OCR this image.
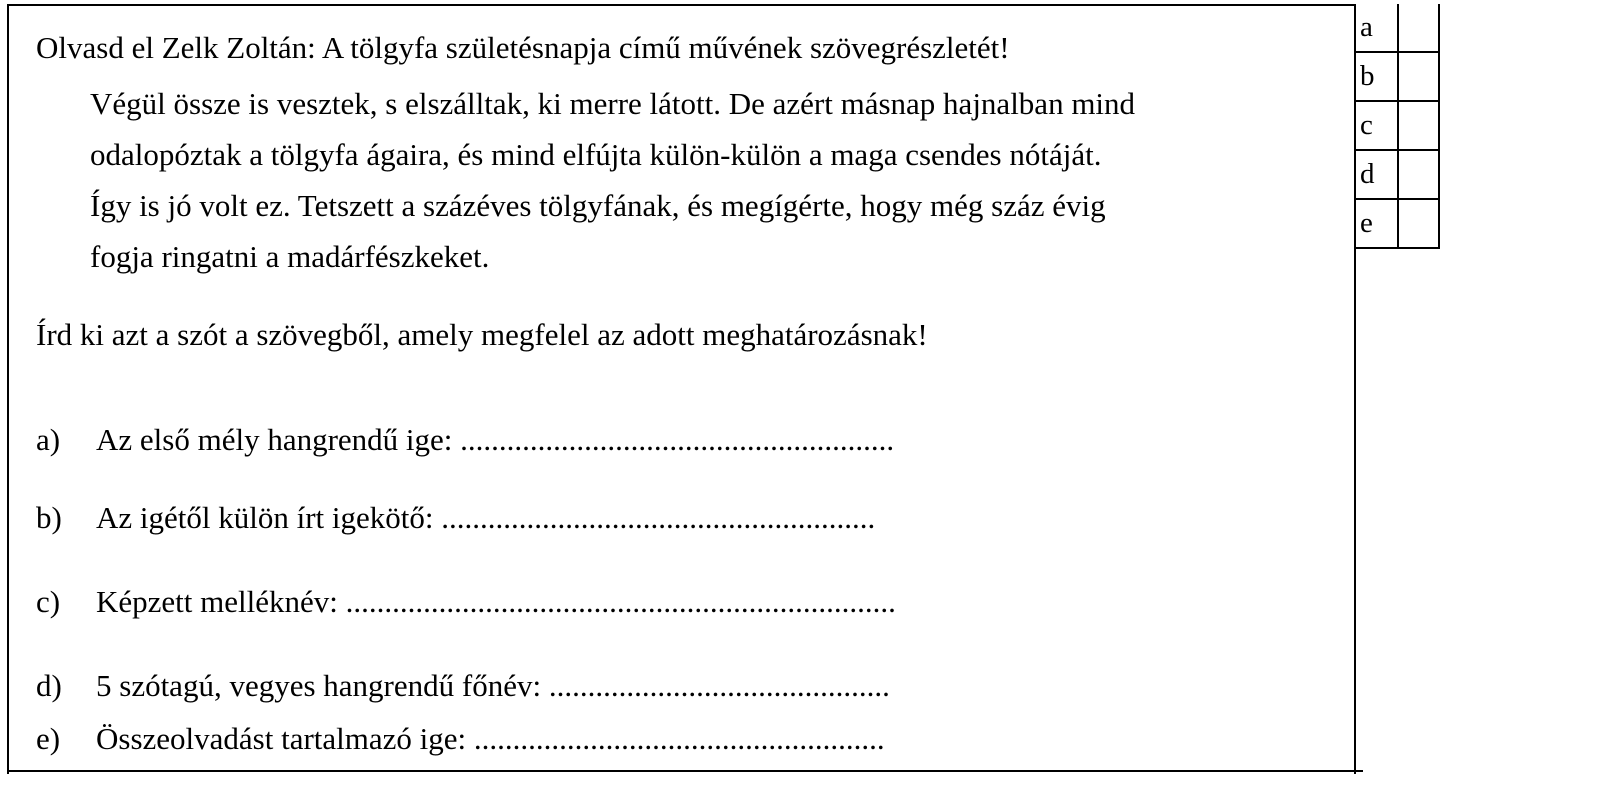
Olvasd el Zelk Zoltán: A tölgyfa születésnapja című művének szövegrészletét!
Végül össze is vesztek, s elszálltak, ki merre látott. De azért másnap hajnalban mind
odalopóztak a tölgyfa ágaira, és mind elfújta külön-külön a maga csendes nótáját.
Így is jó volt ez. Tetszett a százéves tölgyfának, és megígérte, hogy még száz évig
fogja ringatni a madárfészkeket.
Írd ki azt a szót a szövegből, amely megfelel az adott meghatározásnak!
a) Az első mély hangrendű ige: ........................................................
b) Az igétől külön írt igekötő: ........................................................
c) Képzett melléknév: .......................................................................
d) 5 szótagú, vegyes hangrendű főnév: ............................................
e) Összeolvadást tartalmazó ige: .....................................................
a	
b	
c	
d	
e	
